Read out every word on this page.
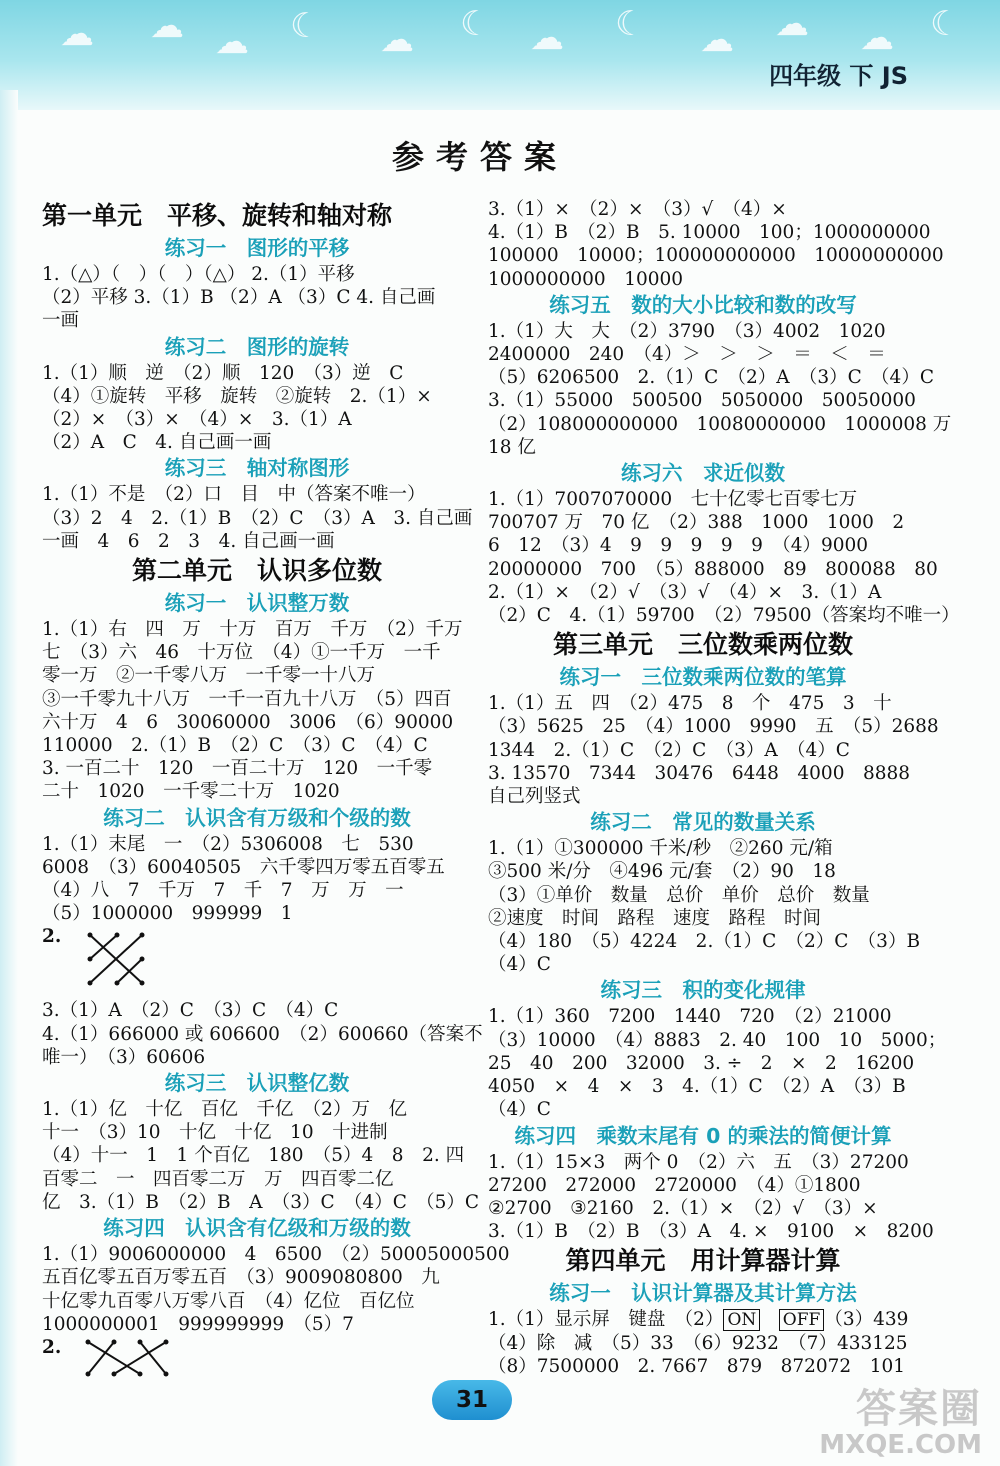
☁ ☁ ☁ ☾ ☁ ☾ ☁ ☾ ☁ ☁ ☁ ☾
四年级 下 JS
参考答案
第一单元　平移、旋转和轴对称
练习一　图形的平移
1.（△）（　）（　）（△） 2.（1）平移
（2）平移 3.（1）B （2）A （3）C 4. 自己画
一画
练习二　图形的旋转
1.（1）顺　逆　（2）顺　120　（3）逆　C
（4）①旋转　平移　旋转　②旋转　2.（1）×
（2）×　（3）×　（4）×　3.（1）A
（2）A　C　4. 自己画一画
练习三　轴对称图形
1.（1）不是　（2）口　目　中（答案不唯一）
（3）2　4　2.（1）B　（2）C　（3）A　3. 自己画
一画　4　6　2　3　4. 自己画一画
第二单元　认识多位数
练习一　认识整万数
1.（1）右　四　万　十万　百万　千万　（2）千万
七　（3）六　46　十万位　（4）①一千万　一千
零一万　②一千零八万　一千零一十八万
③一千零九十八万　一千一百九十八万　（5）四百
六十万　4　6　30060000　3006　（6）90000
110000　2.（1）B　（2）C　（3）C　（4）C
3. 一百二十　120　一百二十万　120　一千零
二十　1020　一千零二十万　1020
练习二　认识含有万级和个级的数
1.（1）末尾　一　（2）5306008　七　530
6008　（3）60040505　六千零四万零五百零五
（4）八　7　千万　7　千　7　万　万　一
（5）1000000　999999　1
2.
3.（1）A　（2）C　（3）C　（4）C
4.（1）666000 或 606600　（2）600660（答案不
唯一）　（3）60606
练习三　认识整亿数
1.（1）亿　十亿　百亿　千亿　（2）万　亿
十一　（3）10　十亿　十亿　10　十进制
（4）十一　1　1 个百亿　180　（5）4　8　2. 四
百零二　一　四百零二万　万　四百零二亿
亿　3.（1）B　（2）B　A　（3）C　（4）C　（5）C
练习四　认识含有亿级和万级的数
1.（1）9006000000　4　6500　（2）50005000500
五百亿零五百万零五百　（3）9009080800　九
十亿零九百零八万零八百　（4）亿位　百亿位
1000000001　999999999　（5）7
2.
3.（1）×　（2）×　（3）√　（4）×
4.（1）B　（2）B　5. 10000　100；1000000000
100000　10000；100000000000　10000000000
1000000000　10000
练习五　数的大小比较和数的改写
1.（1）大　大　（2）3790　（3）4002　1020
2400000　240　（4）＞　＞　＞　＝　＜　＝
（5）6206500　2.（1）C　（2）A　（3）C　（4）C
3.（1）55000　500500　5050000　50050000
（2）108000000000　10080000000　1000008 万
18 亿
练习六　求近似数
1.（1）7007070000　七十亿零七百零七万
700707 万　70 亿　（2）388　1000　1000　2
6　12　（3）4　9　9　9　9　9　（4）9000
20000000　700　（5）888000　89　800088　80
2.（1）×　（2）√　（3）√　（4）×　3.（1）A
（2）C　4.（1）59700　（2）79500（答案均不唯一）
第三单元　三位数乘两位数
练习一　三位数乘两位数的笔算
1.（1）五　四　（2）475　8　个　475　3　十
（3）5625　25　（4）1000　9990　五　（5）2688
1344　2.（1）C　（2）C　（3）A　（4）C
3. 13570　7344　30476　6448　4000　8888
自己列竖式
练习二　常见的数量关系
1.（1）①300000 千米/秒　②260 元/箱
③500 米/分　④496 元/套　（2）90　18
（3）①单价　数量　总价　单价　总价　数量
②速度　时间　路程　速度　路程　时间
（4）180　（5）4224　2.（1）C　（2）C　（3）B
（4）C
练习三　积的变化规律
1.（1）360　7200　1440　720　（2）21000
（3）10000　（4）8883　2. 40　100　10　5000；
25　40　200　32000　3. ÷　2　×　2　16200
4050　×　4　×　3　4.（1）C　（2）A　（3）B
（4）C
练习四　乘数末尾有 0 的乘法的简便计算
1.（1）15×3　两个 0　（2）六　五　（3）27200
27200　272000　2720000　（4）①1800
②2700　③2160　2.（1）×　（2）√　（3）×
3.（1）B　（2）B　（3）A　4. ×　9100　×　8200
第四单元　用计算器计算
练习一　认识计算器及其计算方法
1.（1）显示屏　键盘　（2） ON　 OFF （3）439
（4）除　减　（5）33　（6）9232　（7）433125
（8）7500000　2. 7667　879　872072　101
31	答案圈
MXQE.COM
